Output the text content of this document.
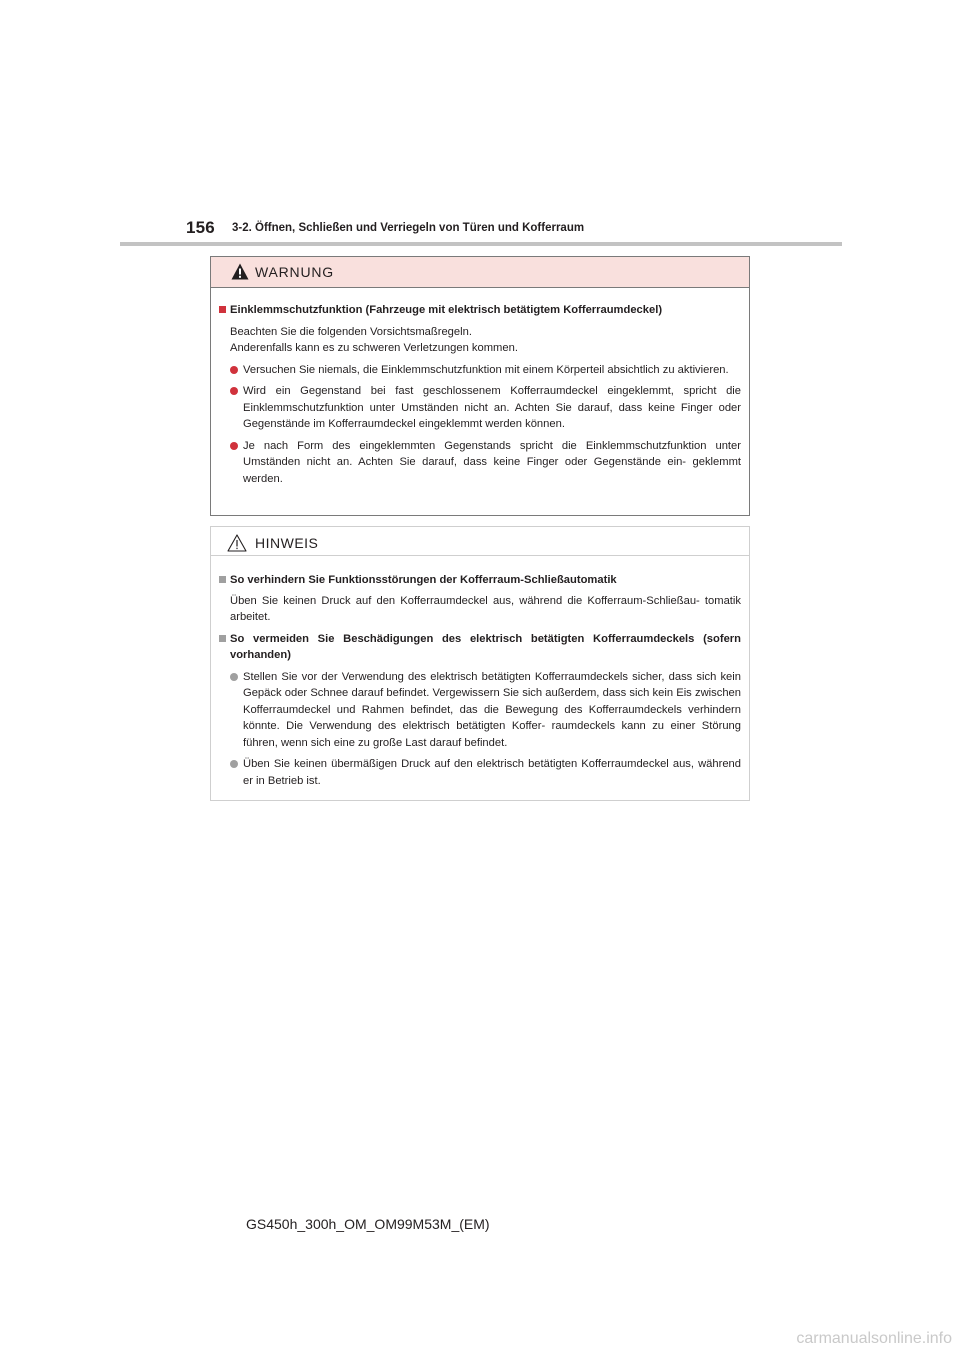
156 3-2. Öffnen, Schließen und Verriegeln von Türen und Kofferraum
WARNUNG
Einklemmschutzfunktion (Fahrzeuge mit elektrisch betätigtem Kofferraumdeckel)
Beachten Sie die folgenden Vorsichtsmaßregeln.
Anderenfalls kann es zu schweren Verletzungen kommen.
Versuchen Sie niemals, die Einklemmschutzfunktion mit einem Körperteil absichtlich zu aktivieren.
Wird ein Gegenstand bei fast geschlossenem Kofferraumdeckel eingeklemmt, spricht die Einklemmschutzfunktion unter Umständen nicht an. Achten Sie darauf, dass keine Finger oder Gegenstände im Kofferraumdeckel eingeklemmt werden können.
Je nach Form des eingeklemmten Gegenstands spricht die Einklemmschutzfunktion unter Umständen nicht an. Achten Sie darauf, dass keine Finger oder Gegenstände ein- geklemmt werden.
HINWEIS
So verhindern Sie Funktionsstörungen der Kofferraum-Schließautomatik
Üben Sie keinen Druck auf den Kofferraumdeckel aus, während die Kofferraum-Schließau- tomatik arbeitet.
So vermeiden Sie Beschädigungen des elektrisch betätigten Kofferraumdeckels (sofern vorhanden)
Stellen Sie vor der Verwendung des elektrisch betätigten Kofferraumdeckels sicher, dass sich kein Gepäck oder Schnee darauf befindet. Vergewissern Sie sich außerdem, dass sich kein Eis zwischen Kofferraumdeckel und Rahmen befindet, das die Bewegung des Kofferraumdeckels verhindern könnte. Die Verwendung des elektrisch betätigten Koffer- raumdeckels kann zu einer Störung führen, wenn sich eine zu große Last darauf befindet.
Üben Sie keinen übermäßigen Druck auf den elektrisch betätigten Kofferraumdeckel aus, während er in Betrieb ist.
GS450h_300h_OM_OM99M53M_(EM)
carmanualsonline.info
